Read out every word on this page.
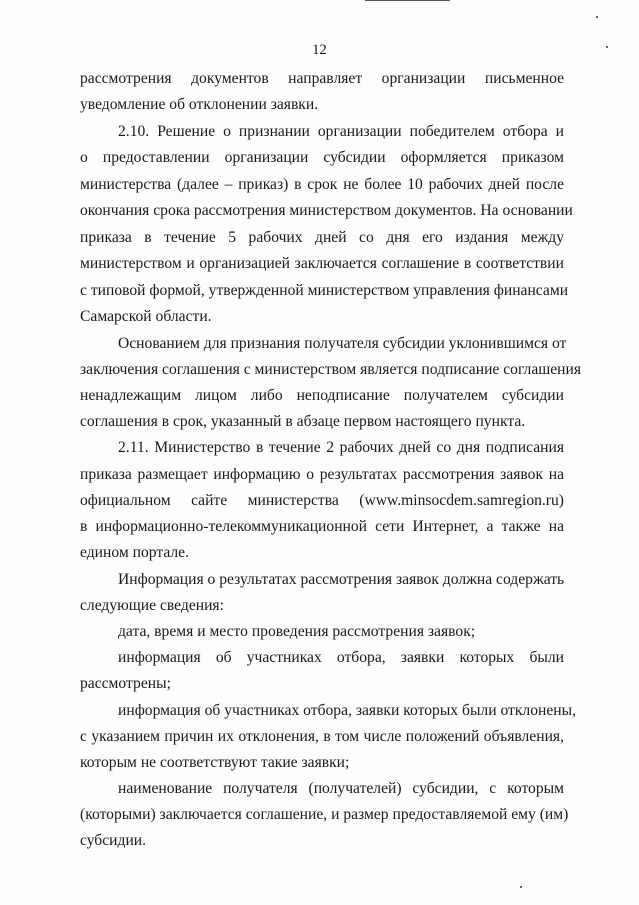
12
рассмотрения документов направляет организации письменное
уведомление об отклонении заявки.
2.10. Решение о признании организации победителем отбора и
о предоставлении организации субсидии оформляется приказом
министерства (далее – приказ) в срок не более 10 рабочих дней после
окончания срока рассмотрения министерством документов. На основании
приказа в течение 5 рабочих дней со дня его издания между
министерством и организацией заключается соглашение в соответствии
с типовой формой, утвержденной министерством управления финансами
Самарской области.
Основанием для признания получателя субсидии уклонившимся от
заключения соглашения с министерством является подписание соглашения
ненадлежащим лицом либо неподписание получателем субсидии
соглашения в срок, указанный в абзаце первом настоящего пункта.
2.11. Министерство в течение 2 рабочих дней со дня подписания
приказа размещает информацию о результатах рассмотрения заявок на
официальном сайте министерства (www.minsocdem.samregion.ru)
в информационно-телекоммуникационной сети Интернет, а также на
едином портале.
Информация о результатах рассмотрения заявок должна содержать
следующие сведения:
дата, время и место проведения рассмотрения заявок;
информация об участниках отбора, заявки которых были
рассмотрены;
информация об участниках отбора, заявки которых были отклонены,
с указанием причин их отклонения, в том числе положений объявления,
которым не соответствуют такие заявки;
наименование получателя (получателей) субсидии, с которым
(которыми) заключается соглашение, и размер предоставляемой ему (им)
субсидии.
